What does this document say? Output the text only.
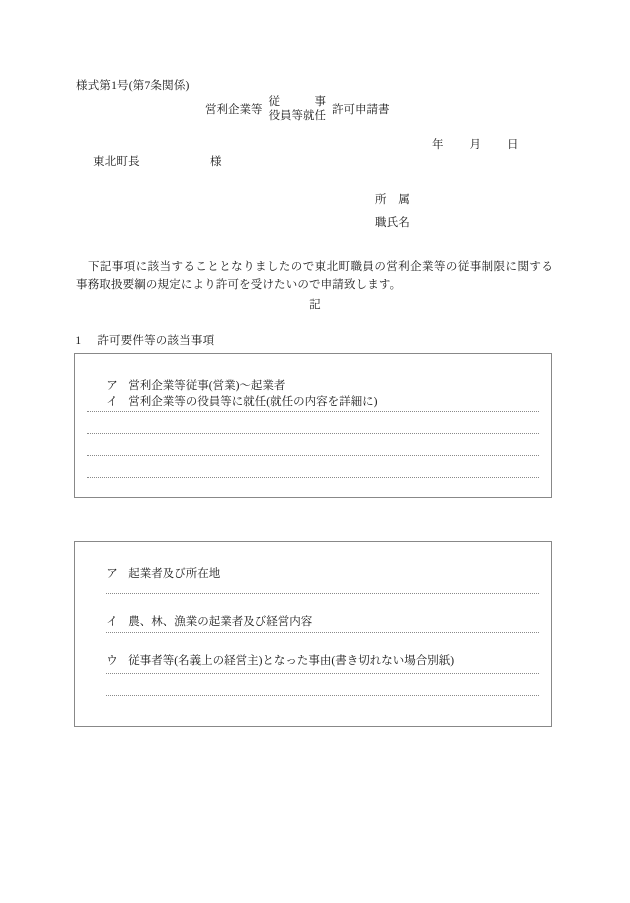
様式第1号(第7条関係)
営利企業等
従　　　事
役員等就任 許可申請書
年　　月　　日
東北町長　　　　　　様
所　属
職氏名
下記事項に該当することとなりましたので東北町職員の営利企業等の従事制限に関する事務取扱要綱の規定により許可を受けたいので申請致します。
記

1 許可要件等の該当事項

ア 営利企業等従事(営業)～起業者

イ 営利企業等の役員等に就任(就任の内容を詳細に)

ア 起業者及び所在地

イ 農、林、漁業の起業者及び経営内容

ウ 従事者等(名義上の経営主)となった事由(書き切れない場合別紙)
